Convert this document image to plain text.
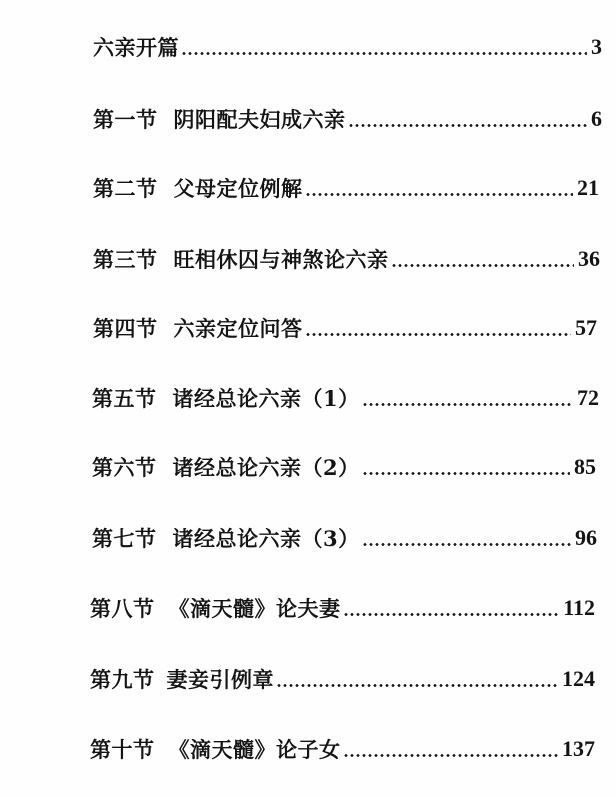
六亲开篇	3
第一节 阴阳配夫妇成六亲	6
第二节 父母定位例解	21
第三节 旺相休囚与神煞论六亲	36
第四节 六亲定位问答	57
第五节 诸经总论六亲（1）	72
第六节 诸经总论六亲（2）	85
第七节 诸经总论六亲（3）	96
第八节 《滴天髓》论夫妻	112
第九节 妻妾引例章	124
第十节 《滴天髓》论子女	137
